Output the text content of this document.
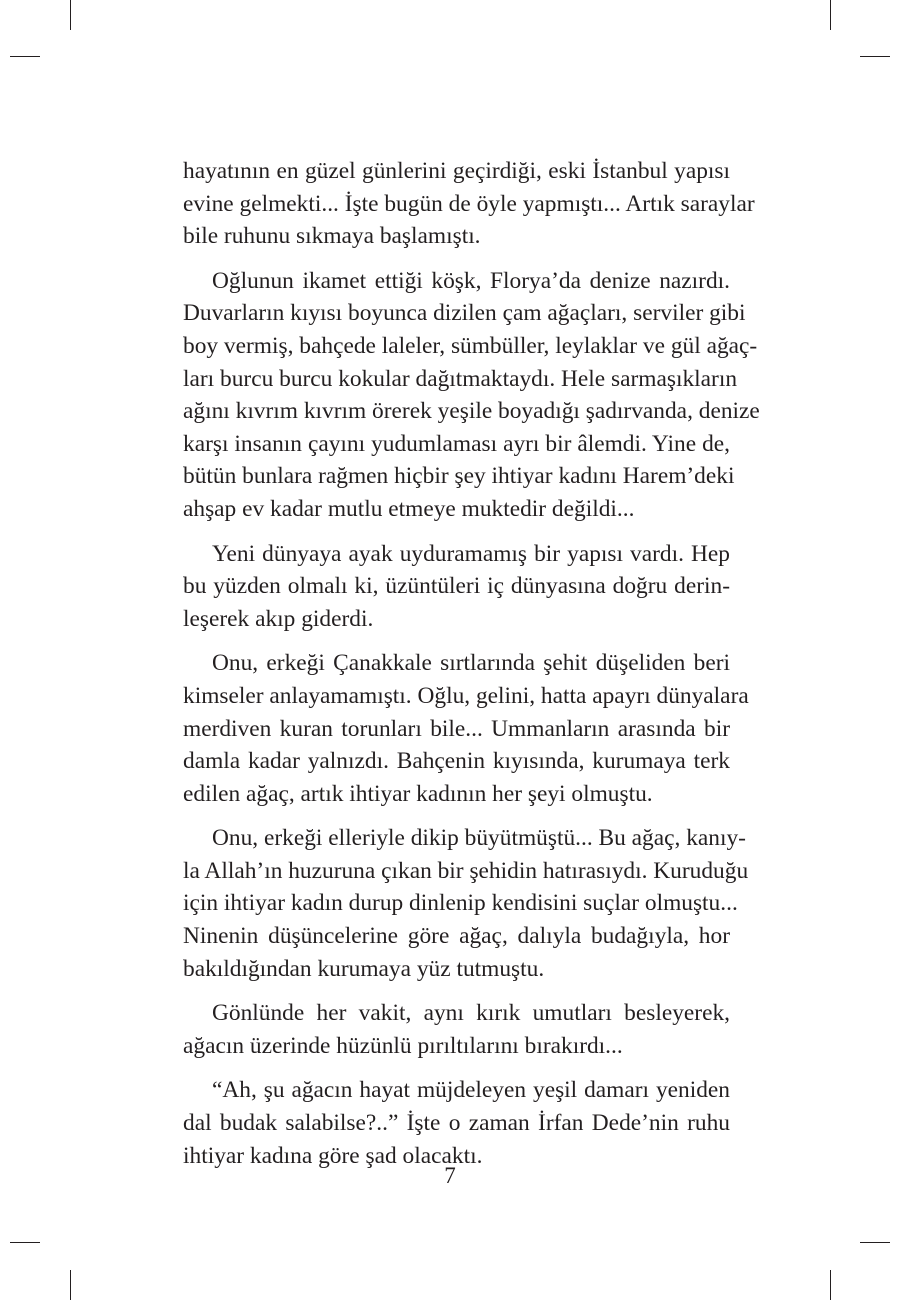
hayatının en güzel günlerini geçirdiği, eski İstanbul yapısı
evine gelmekti... İşte bugün de öyle yapmıştı... Artık saraylar
bile ruhunu sıkmaya başlamıştı.
Oğlunun ikamet ettiği köşk, Florya’da denize nazırdı.
Duvarların kıyısı boyunca dizilen çam ağaçları, serviler gibi
boy vermiş, bahçede laleler, sümbüller, leylaklar ve gül ağaç-
ları burcu burcu kokular dağıtmaktaydı. Hele sarmaşıkların
ağını kıvrım kıvrım örerek yeşile boyadığı şadırvanda, denize
karşı insanın çayını yudumlaması ayrı bir âlemdi. Yine de,
bütün bunlara rağmen hiçbir şey ihtiyar kadını Harem’deki
ahşap ev kadar mutlu etmeye muktedir değildi...
Yeni dünyaya ayak uyduramamış bir yapısı vardı. Hep
bu yüzden olmalı ki, üzüntüleri iç dünyasına doğru derin-
leşerek akıp giderdi.
Onu, erkeği Çanakkale sırtlarında şehit düşeliden beri
kimseler anlayamamıştı. Oğlu, gelini, hatta apayrı dünyalara
merdiven kuran torunları bile... Ummanların arasında bir
damla kadar yalnızdı. Bahçenin kıyısında, kurumaya terk
edilen ağaç, artık ihtiyar kadının her şeyi olmuştu.
Onu, erkeği elleriyle dikip büyütmüştü... Bu ağaç, kanıy-
la Allah’ın huzuruna çıkan bir şehidin hatırasıydı. Kuruduğu
için ihtiyar kadın durup dinlenip kendisini suçlar olmuştu...
Ninenin düşüncelerine göre ağaç, dalıyla budağıyla, hor
bakıldığından kurumaya yüz tutmuştu.
Gönlünde her vakit, aynı kırık umutları besleyerek,
ağacın üzerinde hüzünlü pırıltılarını bırakırdı...
“Ah, şu ağacın hayat müjdeleyen yeşil damarı yeniden
dal budak salabilse?..” İşte o zaman İrfan Dede’nin ruhu
ihtiyar kadına göre şad olacaktı.
7
